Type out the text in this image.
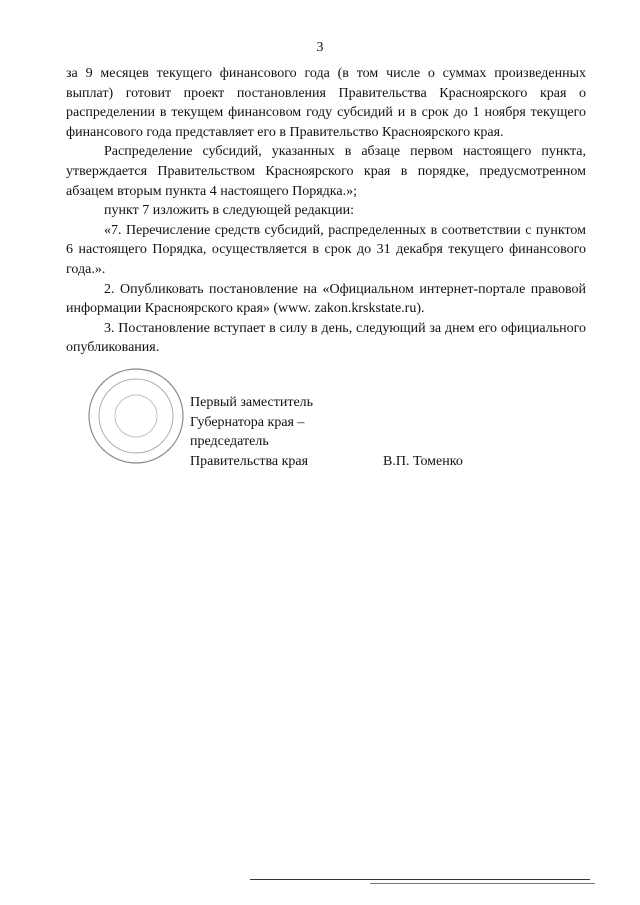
3

за 9 месяцев текущего финансового года (в том числе о суммах произведенных выплат) готовит проект постановления Правительства Красноярского края о распределении в текущем финансовом году субсидий и в срок до 1 ноября текущего финансового года представляет его в Правительство Красноярского края.

Распределение субсидий, указанных в абзаце первом настоящего пункта, утверждается Правительством Красноярского края в порядке, предусмотренном абзацем вторым пункта 4 настоящего Порядка.»;

пункт 7 изложить в следующей редакции:

«7. Перечисление средств субсидий, распределенных в соответствии с пунктом 6 настоящего Порядка, осуществляется в срок до 31 декабря текущего финансового года.».

2. Опубликовать постановление на «Официальном интернет-портале правовой информации Красноярского края» (www. zakon.krskstate.ru).

3. Постановление вступает в силу в день, следующий за днем его официального опубликования.

Первый заместитель
Губернатора края –
председатель
Правительства края	В.П. Томенко
